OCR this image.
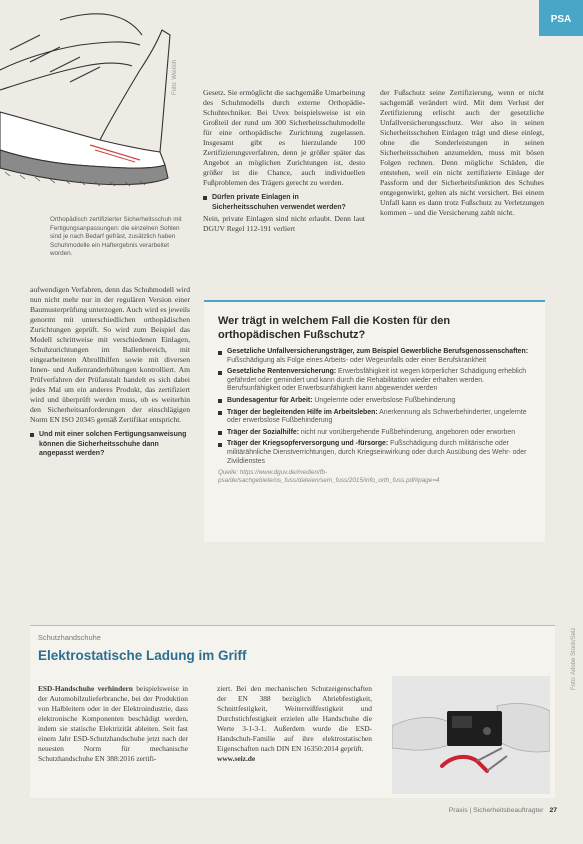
PSA
Foto: Weirich

Orthopädisch zertifizierter Sicherheitsschuh mit Fertigungsanpassungen: die einzelnen Sohlen sind je nach Bedarf gefräst, zusätzlich haben Schuhmodelle ein Haftergebnis verarbeitet worden.

Gesetz. Sie ermöglicht die sachgemäße Umarbeitung des Schuhmodells durch externe Orthopädie-Schuhtechniker. Bei Uvex beispielsweise ist ein Großteil der rund um 300 Sicherheitsschuhmodelle für eine orthopädische Zurichtung zugelassen. Insgesamt gibt es hierzulande 100 Zertifizierungsverfahren, denn je größer später das Angebot an möglichen Zurichtungen ist, desto größer ist die Chance, auch individuellen Fußproblemen des Trägers gerecht zu werden.

Dürfen private Einlagen in Sicherheitsschuhen verwendet werden?

Nein, private Einlagen sind nicht erlaubt. Denn laut DGUV Regel 112-191 verliert

der Fußschutz seine Zertifizierung, wenn er nicht sachgemäß verändert wird. Mit dem Verlust der Zertifizierung erlischt auch der gesetzliche Unfallversicherungsschutz. Wer also in seinen Sicherheitsschuhen Einlagen trägt und diese einlegt, ohne die Sonderleistungen in seinen Sicherheitsschuhen anzumelden, muss mit bösen Folgen rechnen. Denn mögliche Schäden, die entstehen, weil ein nicht zertifizierte Einlage der Passform und der Sicherheitsfunktion des Schuhes entgegenwirkt, gelten als nicht versichert. Bei einem Unfall kann es dann trotz Fußschutz zu Verletzungen kommen – und die Versicherung zahlt nicht.

aufwendigen Verfahren, denn das Schuhmodell wird nun nicht mehr nur in der regulären Version einer Baumusterprüfung unterzogen. Auch wird es jeweils genormt mit unterschiedlichen orthopädischen Zurichtungen geprüft. So wird zum Beispiel das Modell schrittweise mit verschiedenen Einlagen, Schuhzurichtungen im Ballenbereich, mit eingearbeiteten Abrollhilfen sowie mit diversen Innen- und Außenranderhöhungen kontrolliert. Am Prüfverfahren der Prüfanstalt handelt es sich dabei jedes Mal um ein anderes Produkt, das zertifiziert wird und überprüft werden muss, ob es weiterhin den Sicherheitsanforderungen der einschlägigen Norm EN ISO 20345 gemäß Zertifikat entspricht.

Und mit einer solchen Fertigungsanweisung können die Sicherheitsschuhe dann angepasst werden?
Wer trägt in welchem Fall die Kosten für den orthopädischen Fußschutz?
Gesetzliche Unfallversicherungsträger, zum Beispiel Gewerbliche Berufsgenossenschaften: Fußschädigung als Folge eines Arbeits- oder Wegeunfalls oder einer Berufskrankheit
Gesetzliche Rentenversicherung: Erwerbsfähigkeit ist wegen körperlicher Schädigung erheblich gefährdet oder gemindert und kann durch die Rehabilitation wieder erhalten werden. Berufsunfähigkeit oder Erwerbsunfähigkeit kann abgewendet werden
Bundesagentur für Arbeit: Ungelernte oder erwerbslose Fußbehinderung
Träger der begleitenden Hilfe im Arbeitsleben: Anerkennung als Schwerbehinderter, ungelernte oder erwerbslose Fußbehinderung
Träger der Sozialhilfe: nicht nur vorübergehende Fußbehinderung, angeboren oder erworben
Träger der Kriegsopferversorgung und -fürsorge: Fußschädigung durch militärische oder militärähnliche Dienstverrichtungen, durch Kriegseinwirkung oder durch Ausübung des Wehr- oder Zivildienstes

Quelle: https://www.dguv.de/medien/fb-psa/de/sachgebiete/os_fuss/dateien/sem_fuss/2015/info_orth_fuss.pdf#page=4

Schutzhandschuhe
Elektrostatische Ladung im Griff

ESD-Handschuhe verhindern beispielsweise in der Automobilzulieferbranche, bei der Produktion von Halbleitern oder in der Elektroindustrie, dass elektronische Komponenten beschädigt werden, indem sie statische Elektrizität ableiten. Seit fast einem Jahr ESD-Schutzhandschuhe jetzt nach der neuesten Norm für mechanische Schutzhandschuhe EN 388:2016 zertifi-

ziert. Bei den mechanischen Schutzeigenschaften der EN 388 bezüglich Abriebfestigkeit, Schnittfestigkeit, Weiterreißfestigkeit und Durchstichfestigkeit erzielen alle Handschuhe die Werte 3-1-3-1. Außerdem wurde die ESD-Handschuh-Familie auf ihre elektrostatischen Eigenschaften nach DIN EN 16350:2014 geprüft.
www.seiz.de

Foto: Adobe Stock/Seiz
Praxis | Sicherheitsbeauftragter 27
